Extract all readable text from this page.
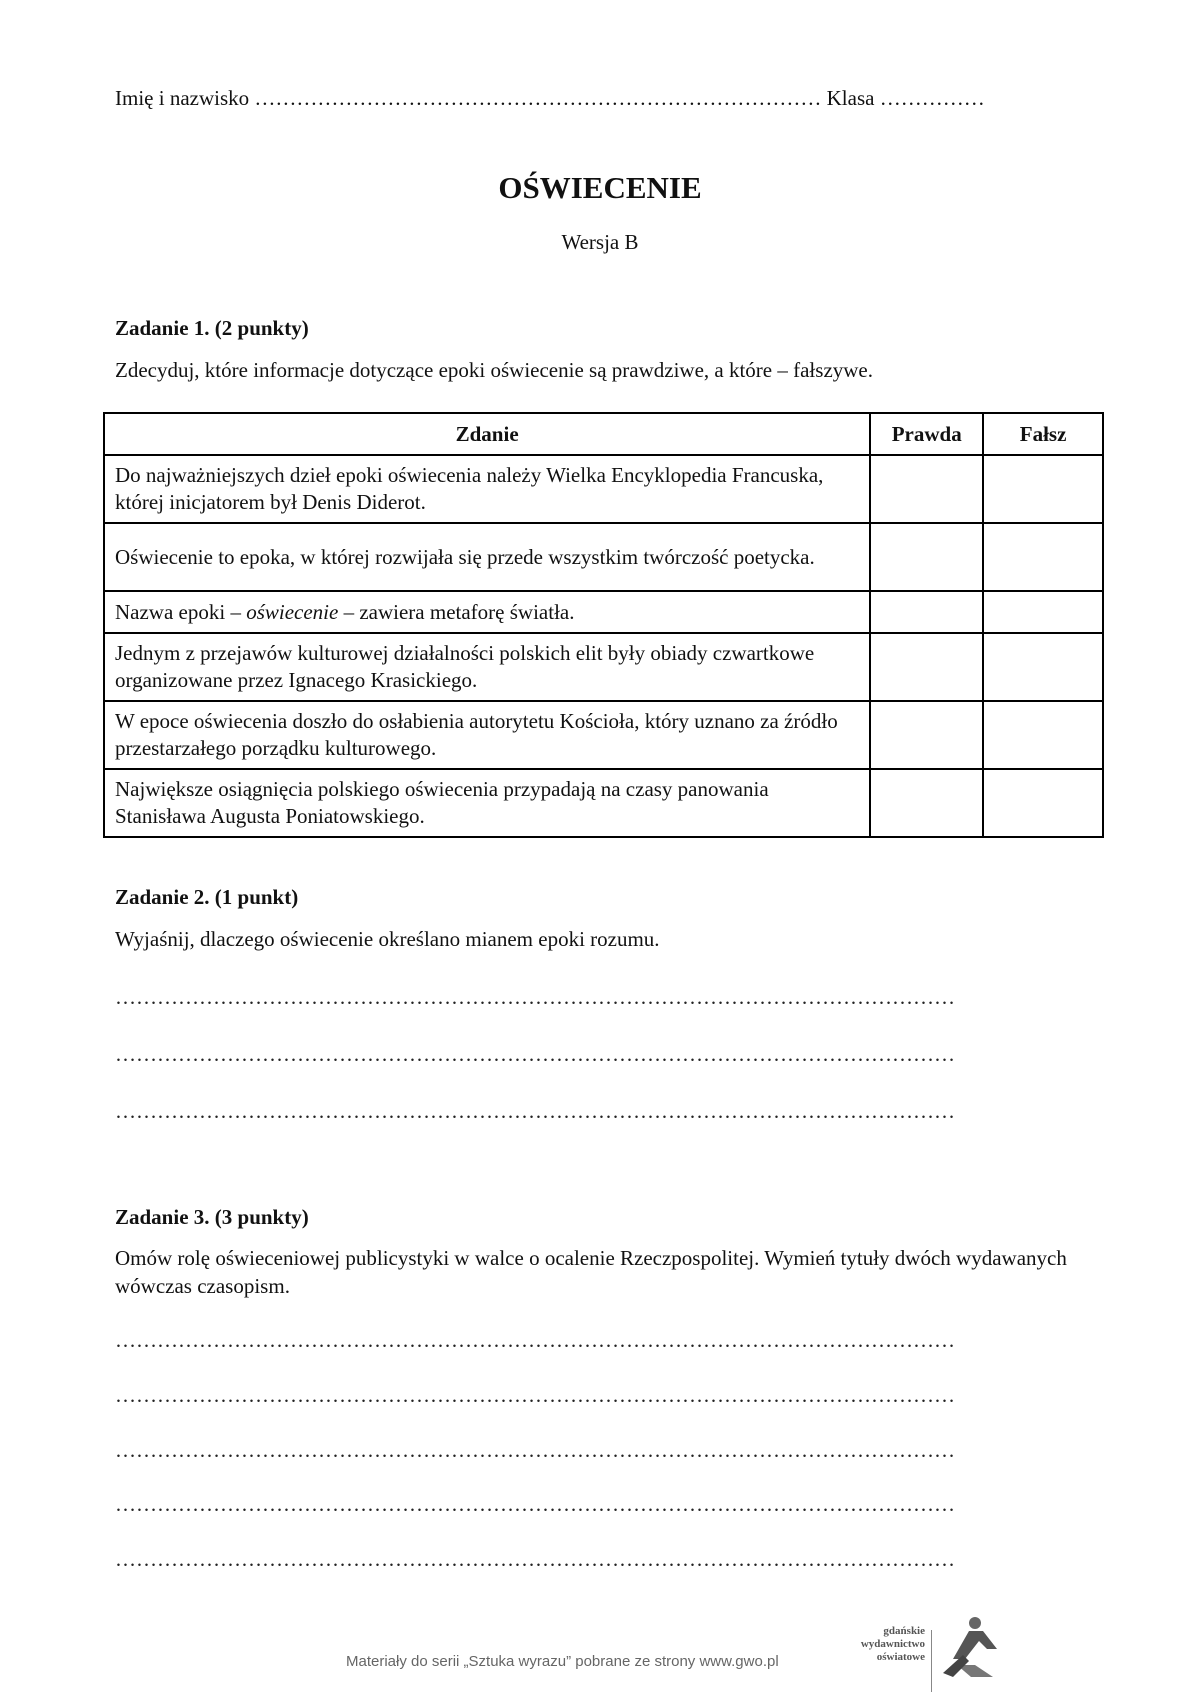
Imię i nazwisko ……………………………………………………………………… Klasa ……………
OŚWIECENIE
Wersja B
Zadanie 1. (2 punkty)
Zdecyduj, które informacje dotyczące epoki oświecenie są prawdziwe, a które – fałszywe.
Zdanie	Prawda	Fałsz
Do najważniejszych dzieł epoki oświecenia należy Wielka Encyklopedia Francuska, której inicjatorem był Denis Diderot.		
Oświecenie to epoka, w której rozwijała się przede wszystkim twórczość poetycka.		
Nazwa epoki – oświecenie – zawiera metaforę światła.		
Jednym z przejawów kulturowej działalności polskich elit były obiady czwartkowe organizowane przez Ignacego Krasickiego.		
W epoce oświecenia doszło do osłabienia autorytetu Kościoła, który uznano za źródło przestarzałego porządku kulturowego.		
Największe osiągnięcia polskiego oświecenia przypadają na czasy panowania Stanisława Augusta Poniatowskiego.		
Zadanie 2. (1 punkt)
Wyjaśnij, dlaczego oświecenie określano mianem epoki rozumu.
…………………………………………………………………………………………………………
…………………………………………………………………………………………………………
…………………………………………………………………………………………………………
Zadanie 3. (3 punkty)
Omów rolę oświeceniowej publicystyki w walce o ocalenie Rzeczpospolitej. Wymień tytuły dwóch wydawanych wówczas czasopism.
…………………………………………………………………………………………………………
…………………………………………………………………………………………………………
…………………………………………………………………………………………………………
…………………………………………………………………………………………………………
…………………………………………………………………………………………………………
Materiały do serii „Sztuka wyrazu” pobrane ze strony www.gwo.pl
gdańskie
wydawnictwo
oświatowe
